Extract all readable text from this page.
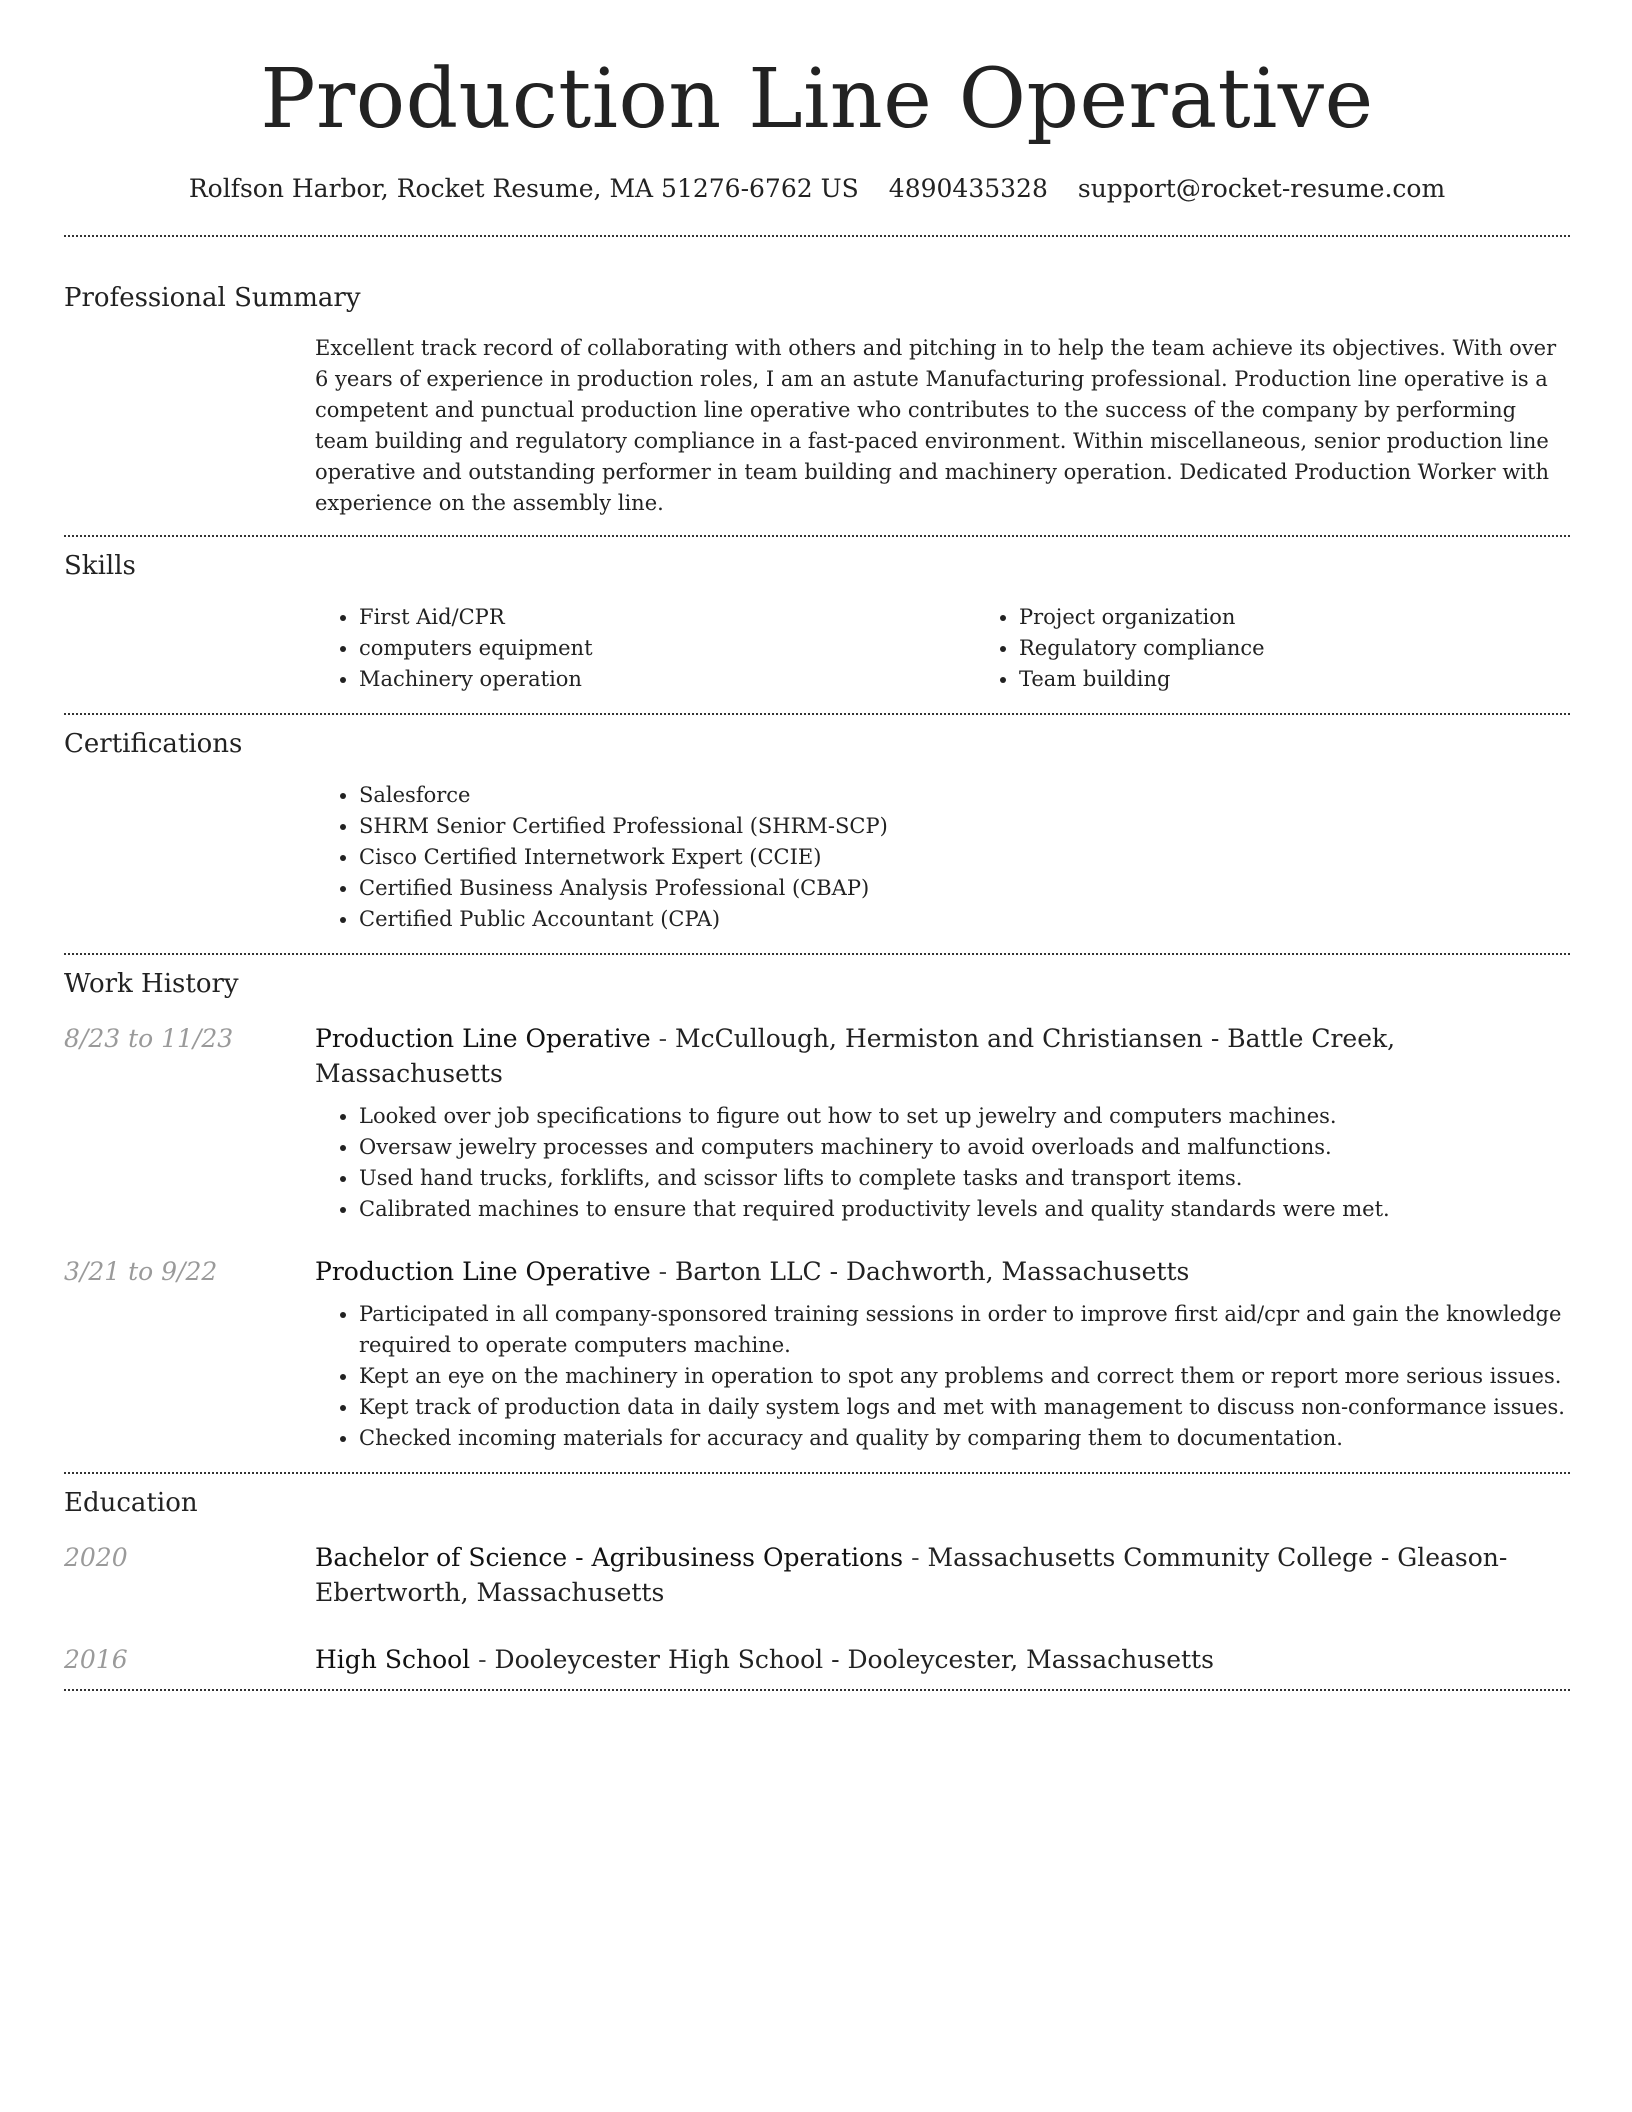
Production Line Operative
Rolfson Harbor, Rocket Resume, MA 51276-6762 US 4890435328 support@rocket-resume.com
Professional Summary

Excellent track record of collaborating with others and pitching in to help the team achieve its objectives. With over 6 years of experience in production roles, I am an astute Manufacturing professional. Production line operative is a competent and punctual production line operative who contributes to the success of the company by performing team building and regulatory compliance in a fast-paced environment. Within miscellaneous, senior production line operative and outstanding performer in team building and machinery operation. Dedicated Production Worker with experience on the assembly line.

Skills
• First Aid/CPR
• computers equipment
• Machinery operation
• Project organization
• Regulatory compliance
• Team building
Certifications
• Salesforce
• SHRM Senior Certified Professional (SHRM-SCP)
• Cisco Certified Internetwork Expert (CCIE)
• Certified Business Analysis Professional (CBAP)
• Certified Public Accountant (CPA)
Work History
8/23 to 11/23	Production Line Operative - McCullough, Hermiston and Christiansen - Battle Creek, Massachusetts
• Looked over job specifications to figure out how to set up jewelry and computers machines.
• Oversaw jewelry processes and computers machinery to avoid overloads and malfunctions.
• Used hand trucks, forklifts, and scissor lifts to complete tasks and transport items.
• Calibrated machines to ensure that required productivity levels and quality standards were met.
3/21 to 9/22	Production Line Operative - Barton LLC - Dachworth, Massachusetts
• Participated in all company-sponsored training sessions in order to improve first aid/cpr and gain the knowledge required to operate computers machine.
• Kept an eye on the machinery in operation to spot any problems and correct them or report more serious issues.
• Kept track of production data in daily system logs and met with management to discuss non-conformance issues.
• Checked incoming materials for accuracy and quality by comparing them to documentation.
Education
2020	Bachelor of Science - Agribusiness Operations - Massachusetts Community College - Gleason-Ebertworth, Massachusetts
2016	High School - Dooleycester High School - Dooleycester, Massachusetts
